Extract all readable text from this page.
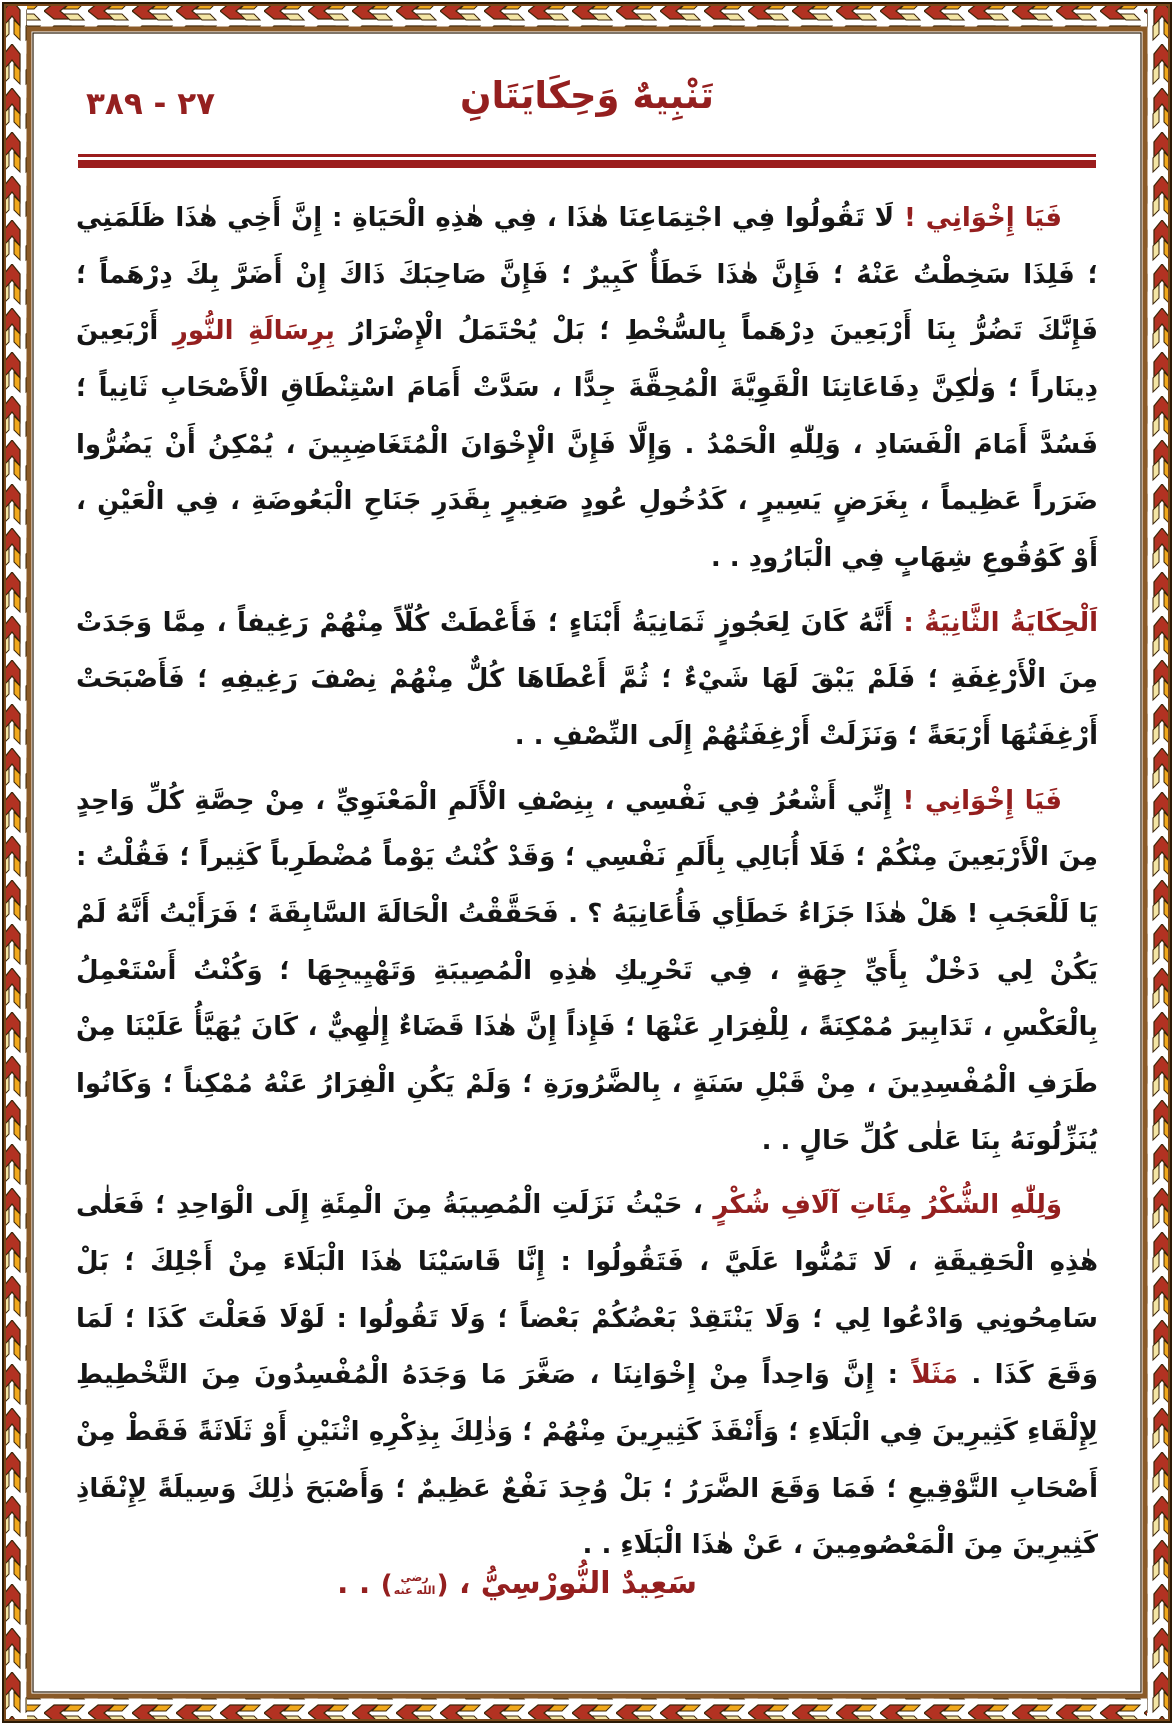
٢٧ - ٣٨٩	تَنْبِيهٌ وَحِكَايَتَانِ

فَيَا إِخْوَانِي ! لَا تَقُولُوا فِي اجْتِمَاعِنَا هٰذَا ، فِي هٰذِهِ الْحَيَاةِ : إِنَّ أَخِي هٰذَا ظَلَمَنِي ؛ فَلِذَا سَخِطْتُ عَنْهُ ؛ فَإِنَّ هٰذَا خَطَأٌ كَبِيرٌ ؛ فَإِنَّ صَاحِبَكَ ذَاكَ إِنْ أَضَرَّ بِكَ دِرْهَماً ؛ فَإِنَّكَ تَضُرُّ بِنَا أَرْبَعِينَ دِرْهَماً بِالسُّخْطِ ؛ بَلْ يُحْتَمَلُ الْإِضْرَارُ بِرِسَالَةِ النُّورِ أَرْبَعِينَ دِينَاراً ؛ وَلٰكِنَّ دِفَاعَاتِنَا الْقَوِيَّةَ الْمُحِقَّةَ جِدًّا ، سَدَّتْ أَمَامَ اسْتِنْطَاقِ الْأَصْحَابِ ثَانِياً ؛ فَسُدَّ أَمَامَ الْفَسَادِ ، وَلِلّٰهِ الْحَمْدُ . وَإِلَّا فَإِنَّ الْإِخْوَانَ الْمُتَغَاضِبِينَ ، يُمْكِنُ أَنْ يَضُرُّوا ضَرَراً عَظِيماً ، بِغَرَضٍ يَسِيرٍ ، كَدُخُولِ عُودٍ صَغِيرٍ بِقَدَرِ جَنَاحِ الْبَعُوضَةِ ، فِي الْعَيْنِ ، أَوْ كَوُقُوعِ شِهَابٍ فِي الْبَارُودِ . .

اَلْحِكَايَةُ الثَّانِيَةُ : أَنَّهُ كَانَ لِعَجُوزٍ ثَمَانِيَةُ أَبْنَاءٍ ؛ فَأَعْطَتْ كُلّاً مِنْهُمْ رَغِيفاً ، مِمَّا وَجَدَتْ مِنَ الْأَرْغِفَةِ ؛ فَلَمْ يَبْقَ لَهَا شَيْءٌ ؛ ثُمَّ أَعْطَاهَا كُلٌّ مِنْهُمْ نِصْفَ رَغِيفِهِ ؛ فَأَصْبَحَتْ أَرْغِفَتُهَا أَرْبَعَةً ؛ وَنَزَلَتْ أَرْغِفَتُهُمْ إِلَى النِّصْفِ . .

فَيَا إِخْوَانِي ! إِنِّي أَشْعُرُ فِي نَفْسِي ، بِنِصْفِ الْأَلَمِ الْمَعْنَوِيِّ ، مِنْ حِصَّةِ كُلِّ وَاحِدٍ مِنَ الْأَرْبَعِينَ مِنْكُمْ ؛ فَلَا أُبَالِي بِأَلَمِ نَفْسِي ؛ وَقَدْ كُنْتُ يَوْماً مُضْطَرِباً كَثِيراً ؛ فَقُلْتُ : يَا لَلْعَجَبِ ! هَلْ هٰذَا جَزَاءُ خَطَأِي فَأُعَانِيَهُ ؟ . فَحَقَّقْتُ الْحَالَةَ السَّابِقَةَ ؛ فَرَأَيْتُ أَنَّهُ لَمْ يَكُنْ لِي دَخْلٌ بِأَيِّ جِهَةٍ ، فِي تَحْرِيكِ هٰذِهِ الْمُصِيبَةِ وَتَهْيِيجِهَا ؛ وَكُنْتُ أَسْتَعْمِلُ بِالْعَكْسِ ، تَدَابِيرَ مُمْكِنَةً ، لِلْفِرَارِ عَنْهَا ؛ فَإِذاً إِنَّ هٰذَا قَضَاءٌ إِلٰهِيٌّ ، كَانَ يُهَيَّأُ عَلَيْنَا مِنْ طَرَفِ الْمُفْسِدِينَ ، مِنْ قَبْلِ سَنَةٍ ، بِالضَّرُورَةِ ؛ وَلَمْ يَكُنِ الْفِرَارُ عَنْهُ مُمْكِناً ؛ وَكَانُوا يُنَزِّلُونَهُ بِنَا عَلٰى كُلِّ حَالٍ . .

وَلِلّٰهِ الشُّكْرُ مِئَاتِ آلَافِ شُكْرٍ ، حَيْثُ نَزَلَتِ الْمُصِيبَةُ مِنَ الْمِئَةِ إِلَى الْوَاحِدِ ؛ فَعَلٰى هٰذِهِ الْحَقِيقَةِ ، لَا تَمُنُّوا عَلَيَّ ، فَتَقُولُوا : إِنَّا قَاسَيْنَا هٰذَا الْبَلَاءَ مِنْ أَجْلِكَ ؛ بَلْ سَامِحُونِي وَادْعُوا لِي ؛ وَلَا يَنْتَقِدْ بَعْضُكُمْ بَعْضاً ؛ وَلَا تَقُولُوا : لَوْلَا فَعَلْتَ كَذَا ؛ لَمَا وَقَعَ كَذَا . مَثَلاً : إِنَّ وَاحِداً مِنْ إِخْوَانِنَا ، صَغَّرَ مَا وَجَدَهُ الْمُفْسِدُونَ مِنَ التَّخْطِيطِ لِإِلْقَاءِ كَثِيرِينَ فِي الْبَلَاءِ ؛ وَأَنْقَذَ كَثِيرِينَ مِنْهُمْ ؛ وَذٰلِكَ بِذِكْرِهِ اثْنَيْنِ أَوْ ثَلَاثَةً فَقَطْ مِنْ أَصْحَابِ التَّوْقِيعِ ؛ فَمَا وَقَعَ الضَّرَرُ ؛ بَلْ وُجِدَ نَفْعٌ عَظِيمٌ ؛ وَأَصْبَحَ ذٰلِكَ وَسِيلَةً لِإِنْقَاذِ كَثِيرِينَ مِنَ الْمَعْصُومِينَ ، عَنْ هٰذَا الْبَلَاءِ . .

سَعِيدٌ النُّورْسِيُّ ، (رضي الله عنه) . .
